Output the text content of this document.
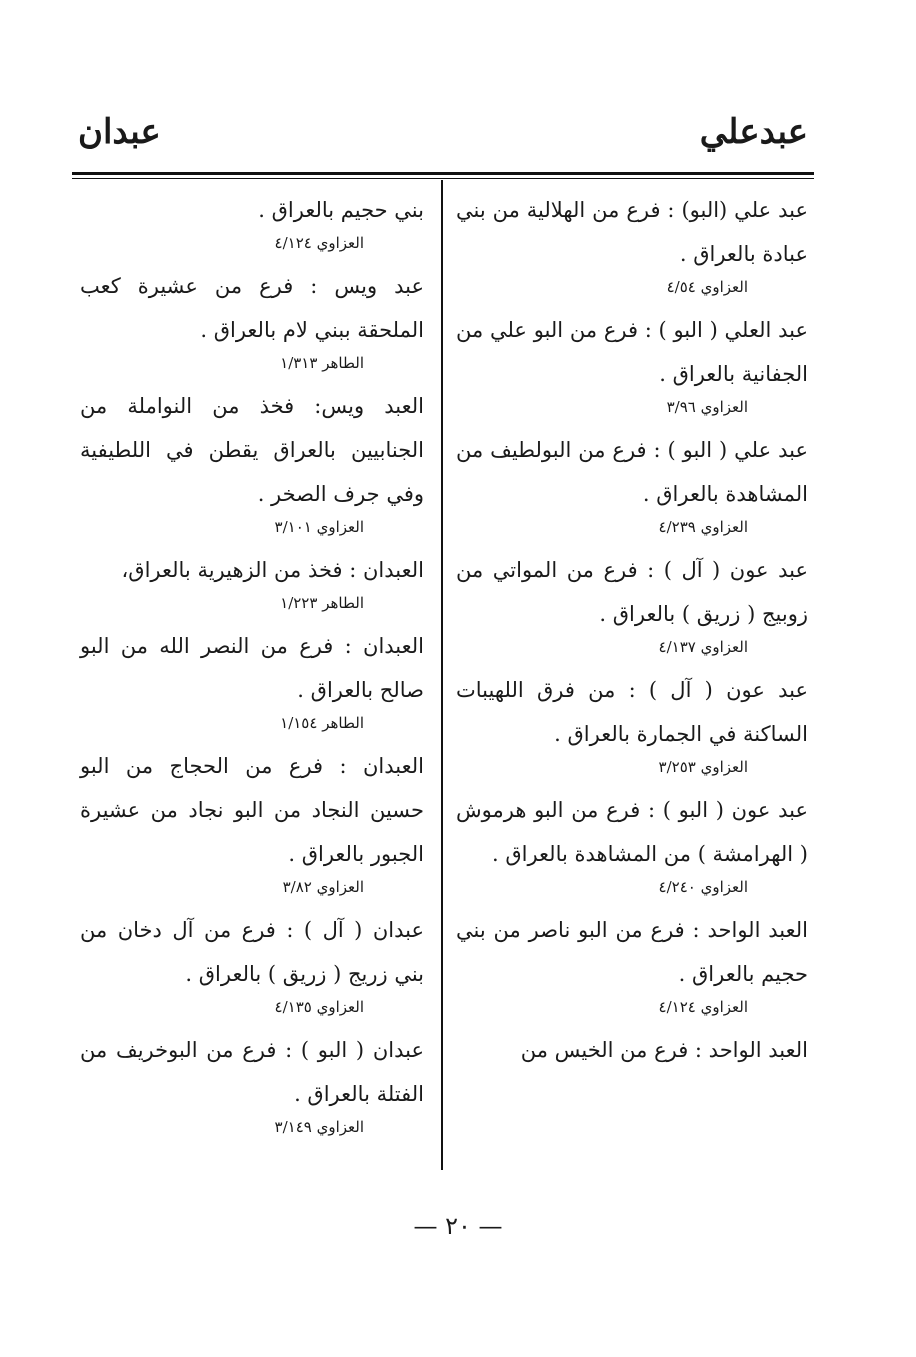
عبدعلي
عبدان

عبد علي (البو) : فرع من الهلالية من بني عبادة بالعراق .

العزاوي ٤/٥٤

عبد العلي ( البو ) : فرع من البو علي من الجفانية بالعراق .

العزاوي ٣/٩٦

عبد علي ( البو ) : فرع من البولطيف من المشاهدة بالعراق .

العزاوي ٤/٢٣٩

عبد عون ( آل ) : فرع من المواتي من زوبيج ( زريق ) بالعراق .

العزاوي ٤/١٣٧

عبد عون ( آل ) : من فرق اللهيبات الساكنة في الجمارة بالعراق .

العزاوي ٣/٢٥٣

عبد عون ( البو ) : فرع من البو هرموش ( الهرامشة ) من المشاهدة بالعراق .

العزاوي ٤/٢٤٠

العبد الواحد : فرع من البو ناصر من بني حجيم بالعراق .

العزاوي ٤/١٢٤

العبد الواحد : فرع من الخيس من

بني حجيم بالعراق .

العزاوي ٤/١٢٤

عبد ويس : فرع من عشيرة كعب الملحقة ببني لام بالعراق .

الطاهر ١/٣١٣

العبد ويس: فخذ من النواملة من الجنابيين بالعراق يقطن في اللطيفية وفي جرف الصخر .

العزاوي ٣/١٠١

العبدان : فخذ من الزهيرية بالعراق،

الطاهر ١/٢٢٣

العبدان : فرع من النصر الله من البو صالح بالعراق .

الطاهر ١/١٥٤

العبدان : فرع من الحجاج من البو حسين النجاد من البو نجاد من عشيرة الجبور بالعراق .

العزاوي ٣/٨٢

عبدان ( آل ) : فرع من آل دخان من بني زريج ( زريق ) بالعراق .

العزاوي ٤/١٣٥

عبدان ( البو ) : فرع من البوخريف من الفتلة بالعراق .

العزاوي ٣/١٤٩

— ٢٠ —
